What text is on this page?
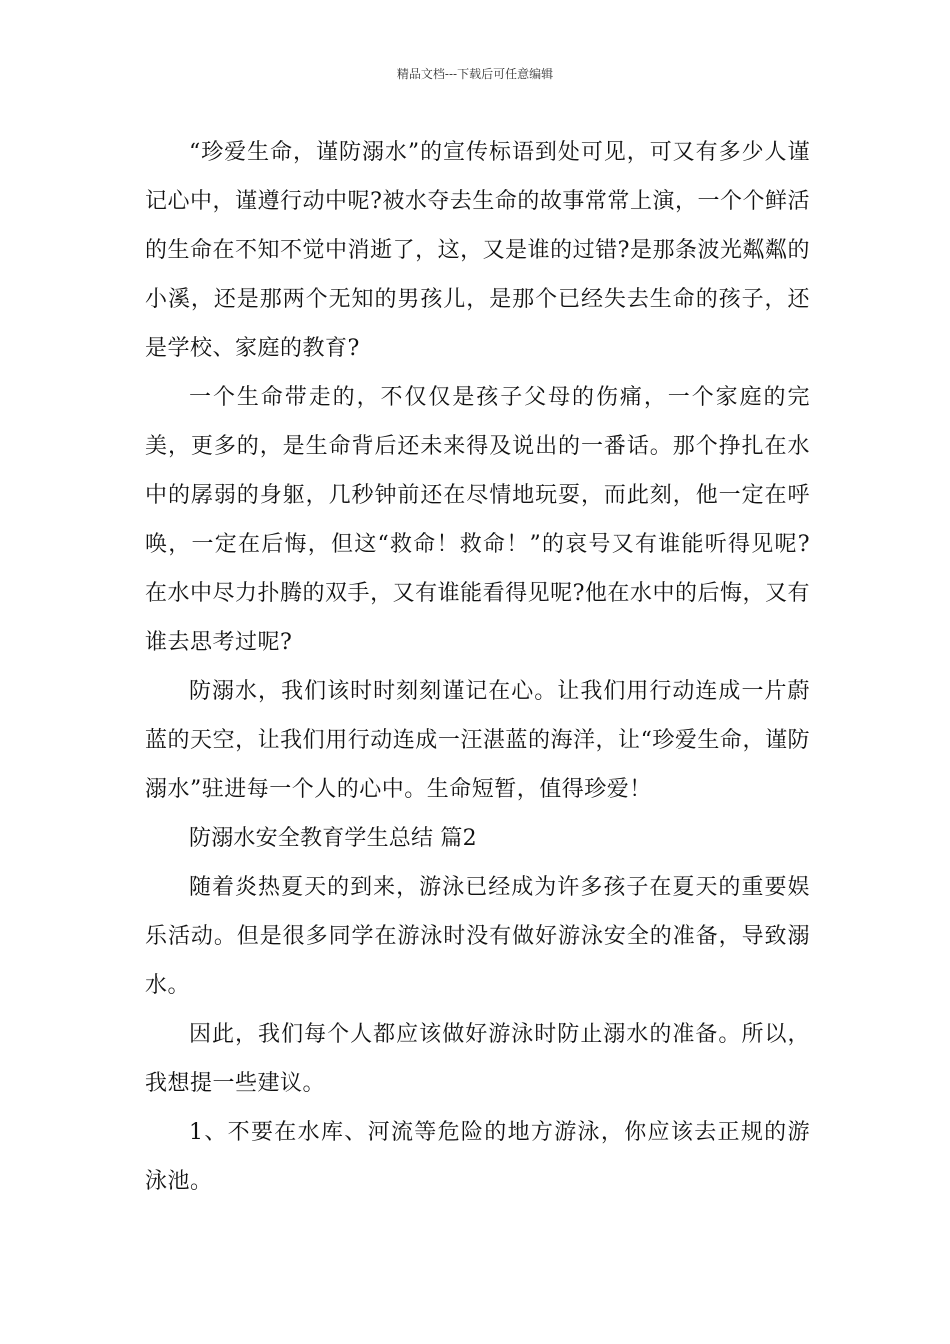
精品文档---下载后可任意编辑

“珍爱生命，谨防溺水”的宣传标语到处可见，可又有多少人谨记心中，谨遵行动中呢?被水夺去生命的故事常常上演，一个个鲜活的生命在不知不觉中消逝了，这，又是谁的过错?是那条波光粼粼的小溪，还是那两个无知的男孩儿，是那个已经失去生命的孩子，还是学校、家庭的教育?

一个生命带走的，不仅仅是孩子父母的伤痛，一个家庭的完美，更多的，是生命背后还未来得及说出的一番话。那个挣扎在水中的孱弱的身躯，几秒钟前还在尽情地玩耍，而此刻，他一定在呼唤，一定在后悔，但这“救命！救命！”的哀号又有谁能听得见呢?在水中尽力扑腾的双手，又有谁能看得见呢?他在水中的后悔，又有谁去思考过呢?

防溺水，我们该时时刻刻谨记在心。让我们用行动连成一片蔚蓝的天空，让我们用行动连成一汪湛蓝的海洋，让“珍爱生命，谨防溺水”驻进每一个人的心中。生命短暂，值得珍爱！

防溺水安全教育学生总结 篇2

随着炎热夏天的到来，游泳已经成为许多孩子在夏天的重要娱乐活动。但是很多同学在游泳时没有做好游泳安全的准备，导致溺水。

因此，我们每个人都应该做好游泳时防止溺水的准备。所以，我想提一些建议。

1、不要在水库、河流等危险的地方游泳，你应该去正规的游泳池。
